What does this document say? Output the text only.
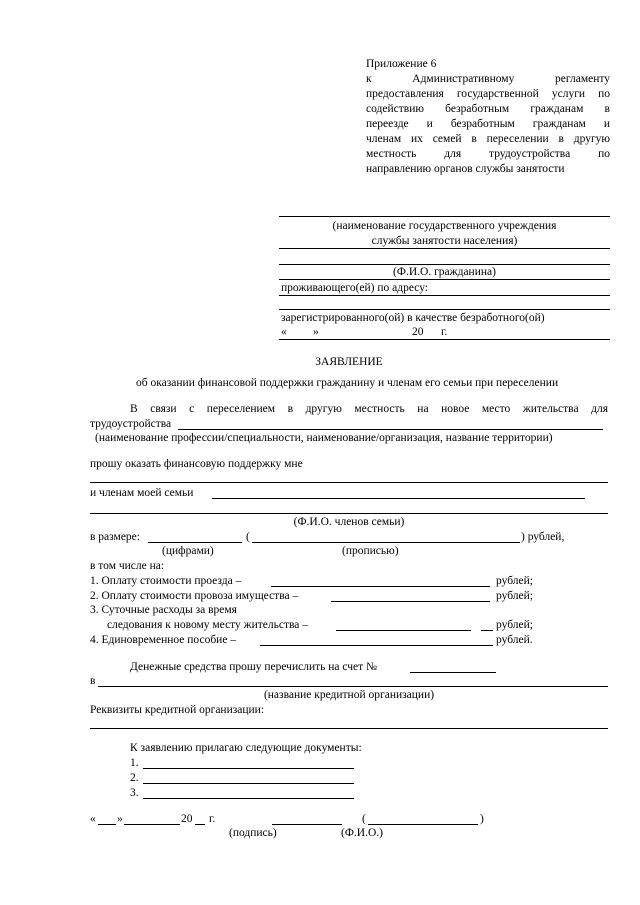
Приложение 6
к Административному регламенту
предоставления государственной услуги по
содействию безработным гражданам в
переезде и безработным гражданам и
членам их семей в переселении в другую
местность для трудоустройства по
направлению органов службы занятости
(наименование государственного учреждения
службы занятости населения)
(Ф.И.О. гражданина)
проживающего(ей) по адресу:
зарегистрированного(ой) в качестве безработного(ой)
« »	20 г.
ЗАЯВЛЕНИЕ
об оказании финансовой поддержки гражданину и членам его семьи при переселении
В связи с переселением в другую местность на новое место жительства для
трудоустройства
(наименование профессии/специальности, наименование/организация, название территории)
прошу оказать финансовую поддержку мне
и членам моей семьи
(Ф.И.О. членов семьи)
в размере:	(	) рублей,
(цифрами)	(прописью)
в том числе на:
1. Оплату стоимости проезда –	рублей;
2. Оплату стоимости провоза имущества –	рублей;
3. Суточные расходы за время
следования к новому месту жительства –	рублей;
4. Единовременное пособие –	рублей.
Денежные средства прошу перечислить на счет №
в
(название кредитной организации)
Реквизиты кредитной организации:
К заявлению прилагаю следующие документы:
1.
2.
3.
« »	20 г.	(	)
(подпись)	(Ф.И.О.)
